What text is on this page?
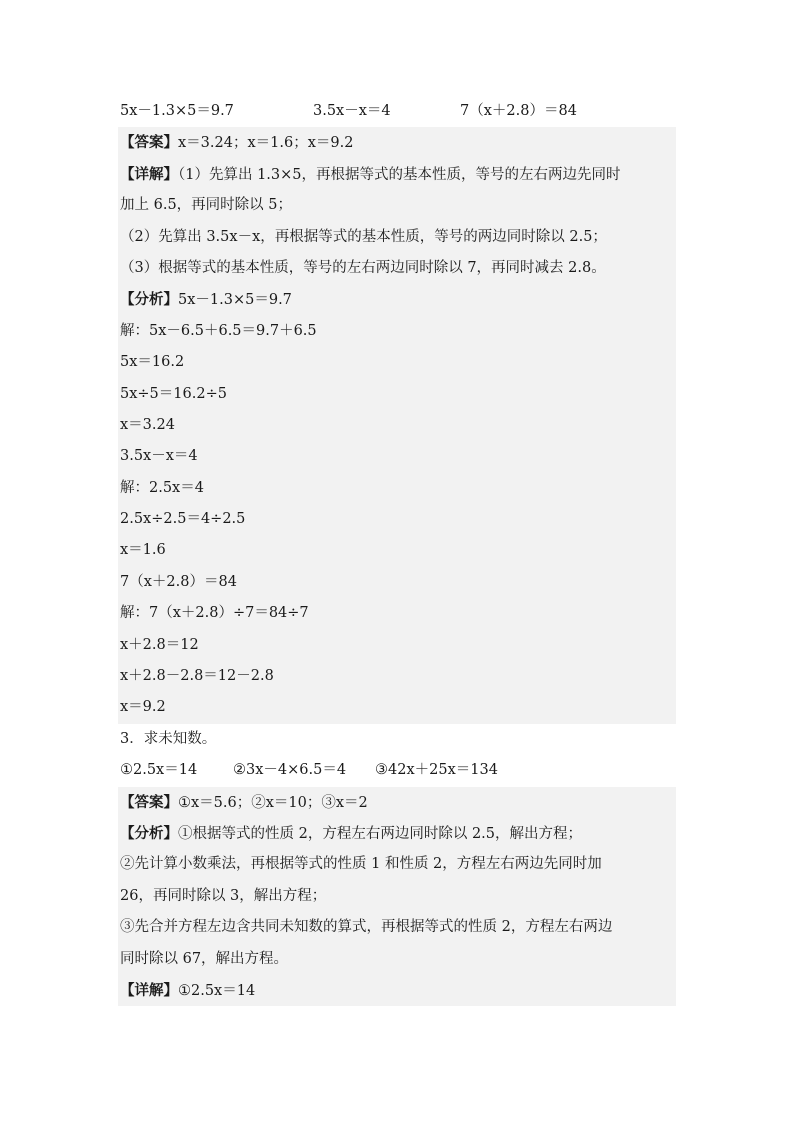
5x－1.3×5＝9.7	3.5x－x＝4	7（x＋2.8）＝84
【答案】x＝3.24；x＝1.6；x＝9.2
【详解】（1）先算出 1.3×5，再根据等式的基本性质，等号的左右两边先同时
加上 6.5，再同时除以 5；
（2）先算出 3.5x－x，再根据等式的基本性质，等号的两边同时除以 2.5；
（3）根据等式的基本性质，等号的左右两边同时除以 7，再同时减去 2.8。
【分析】5x－1.3×5＝9.7
解：5x－6.5＋6.5＝9.7＋6.5
5x＝16.2
5x÷5＝16.2÷5
x＝3.24
3.5x－x＝4
解：2.5x＝4
2.5x÷2.5＝4÷2.5
x＝1.6
7（x＋2.8）＝84
解：7（x＋2.8）÷7＝84÷7
x＋2.8＝12
x＋2.8－2.8＝12－2.8
x＝9.2
3．求未知数。
①2.5x＝14	②3x－4×6.5＝4	③42x＋25x＝134
【答案】①x＝5.6；②x＝10；③x＝2
【分析】①根据等式的性质 2，方程左右两边同时除以 2.5，解出方程；
②先计算小数乘法，再根据等式的性质 1 和性质 2，方程左右两边先同时加
26，再同时除以 3，解出方程；
③先合并方程左边含共同未知数的算式，再根据等式的性质 2，方程左右两边
同时除以 67，解出方程。
【详解】①2.5x＝14
